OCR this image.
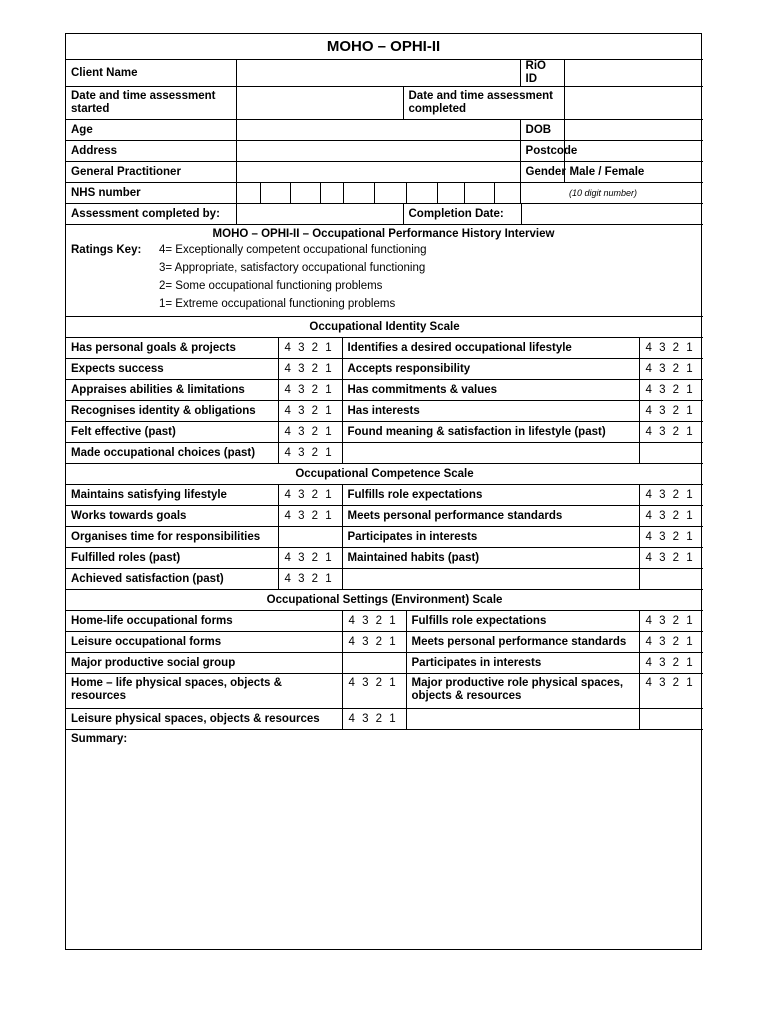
MOHO – OPHI-II
Client Name			RiO ID	
Date and time assessment started		Date and time assessment completed		
Age			DOB	
Address			Postcode	
General Practitioner			Gender	Male / Female
NHS number												(10 digit number)
Assessment completed by:		Completion Date:	
MOHO – OPHI-II – Occupational Performance History Interview
Ratings Key:	4= Exceptionally competent occupational functioning
3= Appropriate, satisfactory occupational functioning
2= Some occupational functioning problems
1= Extreme occupational functioning problems
Occupational Identity Scale			
Has personal goals & projects	4 3 2 1	Identifies a desired occupational lifestyle	4 3 2 1
Expects success	4 3 2 1	Accepts responsibility	4 3 2 1
Appraises abilities & limitations	4 3 2 1	Has commitments & values	4 3 2 1
Recognises identity & obligations	4 3 2 1	Has interests	4 3 2 1
Felt effective (past)	4 3 2 1	Found meaning & satisfaction in lifestyle (past)	4 3 2 1
Made occupational choices (past)	4 3 2 1		
Occupational Competence Scale			
Maintains satisfying lifestyle	4 3 2 1	Fulfills role expectations	4 3 2 1
Works towards goals	4 3 2 1	Meets personal performance standards	4 3 2 1
Organises time for responsibilities		Participates in interests	4 3 2 1
Fulfilled roles (past)	4 3 2 1	Maintained habits (past)	4 3 2 1
Achieved satisfaction (past)	4 3 2 1		
Occupational Settings (Environment) Scale			
Home-life occupational forms	4 3 2 1	Fulfills role expectations	4 3 2 1
Leisure occupational forms	4 3 2 1	Meets personal performance standards	4 3 2 1
Major productive social group		Participates in interests	4 3 2 1
Home – life physical spaces, objects & resources	4 3 2 1	Major productive role physical spaces, objects & resources	4 3 2 1
Leisure physical spaces, objects & resources	4 3 2 1		
Summary:
